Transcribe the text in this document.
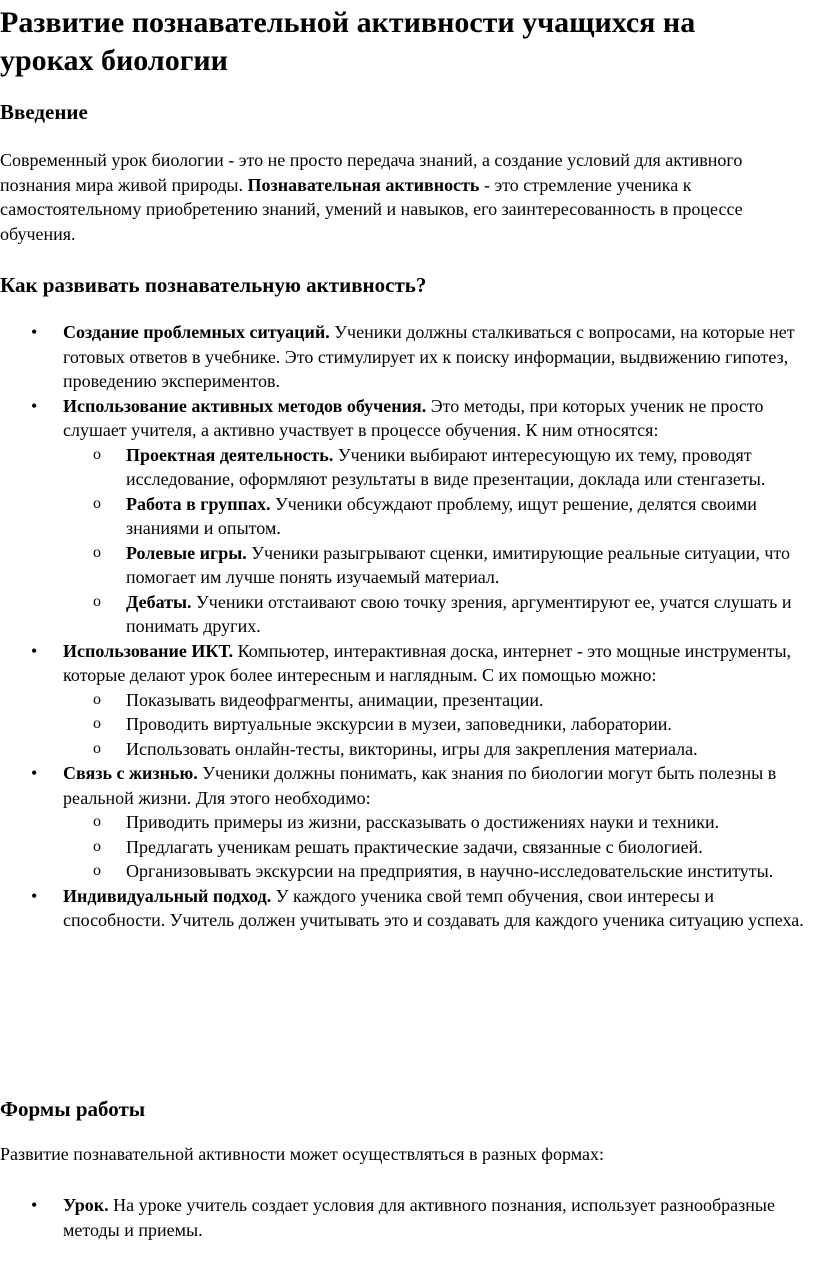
Развитие познавательной активности учащихся на уроках биологии
Введение

Современный урок биологии - это не просто передача знаний, а создание условий для активного познания мира живой природы. Познавательная активность - это стремление ученика к самостоятельному приобретению знаний, умений и навыков, его заинтересованность в процессе обучения.

Как развивать познавательную активность?
• Создание проблемных ситуаций. Ученики должны сталкиваться с вопросами, на которые нет готовых ответов в учебнике. Это стимулирует их к поиску информации, выдвижению гипотез, проведению экспериментов.
• Использование активных методов обучения. Это методы, при которых ученик не просто слушает учителя, а активно участвует в процессе обучения. К ним относятся:
o Проектная деятельность. Ученики выбирают интересующую их тему, проводят исследование, оформляют результаты в виде презентации, доклада или стенгазеты.
o Работа в группах. Ученики обсуждают проблему, ищут решение, делятся своими знаниями и опытом.
o Ролевые игры. Ученики разыгрывают сценки, имитирующие реальные ситуации, что помогает им лучше понять изучаемый материал.
o Дебаты. Ученики отстаивают свою точку зрения, аргументируют ее, учатся слушать и понимать других.
• Использование ИКТ. Компьютер, интерактивная доска, интернет - это мощные инструменты, которые делают урок более интересным и наглядным. С их помощью можно:
o Показывать видеофрагменты, анимации, презентации.
o Проводить виртуальные экскурсии в музеи, заповедники, лаборатории.
o Использовать онлайн-тесты, викторины, игры для закрепления материала.
• Связь с жизнью. Ученики должны понимать, как знания по биологии могут быть полезны в реальной жизни. Для этого необходимо:
o Приводить примеры из жизни, рассказывать о достижениях науки и техники.
o Предлагать ученикам решать практические задачи, связанные с биологией.
o Организовывать экскурсии на предприятия, в научно-исследовательские институты.
• Индивидуальный подход. У каждого ученика свой темп обучения, свои интересы и способности. Учитель должен учитывать это и создавать для каждого ученика ситуацию успеха.
Формы работы

Развитие познавательной активности может осуществляться в разных формах:

• Урок. На уроке учитель создает условия для активного познания, использует разнообразные методы и приемы.
